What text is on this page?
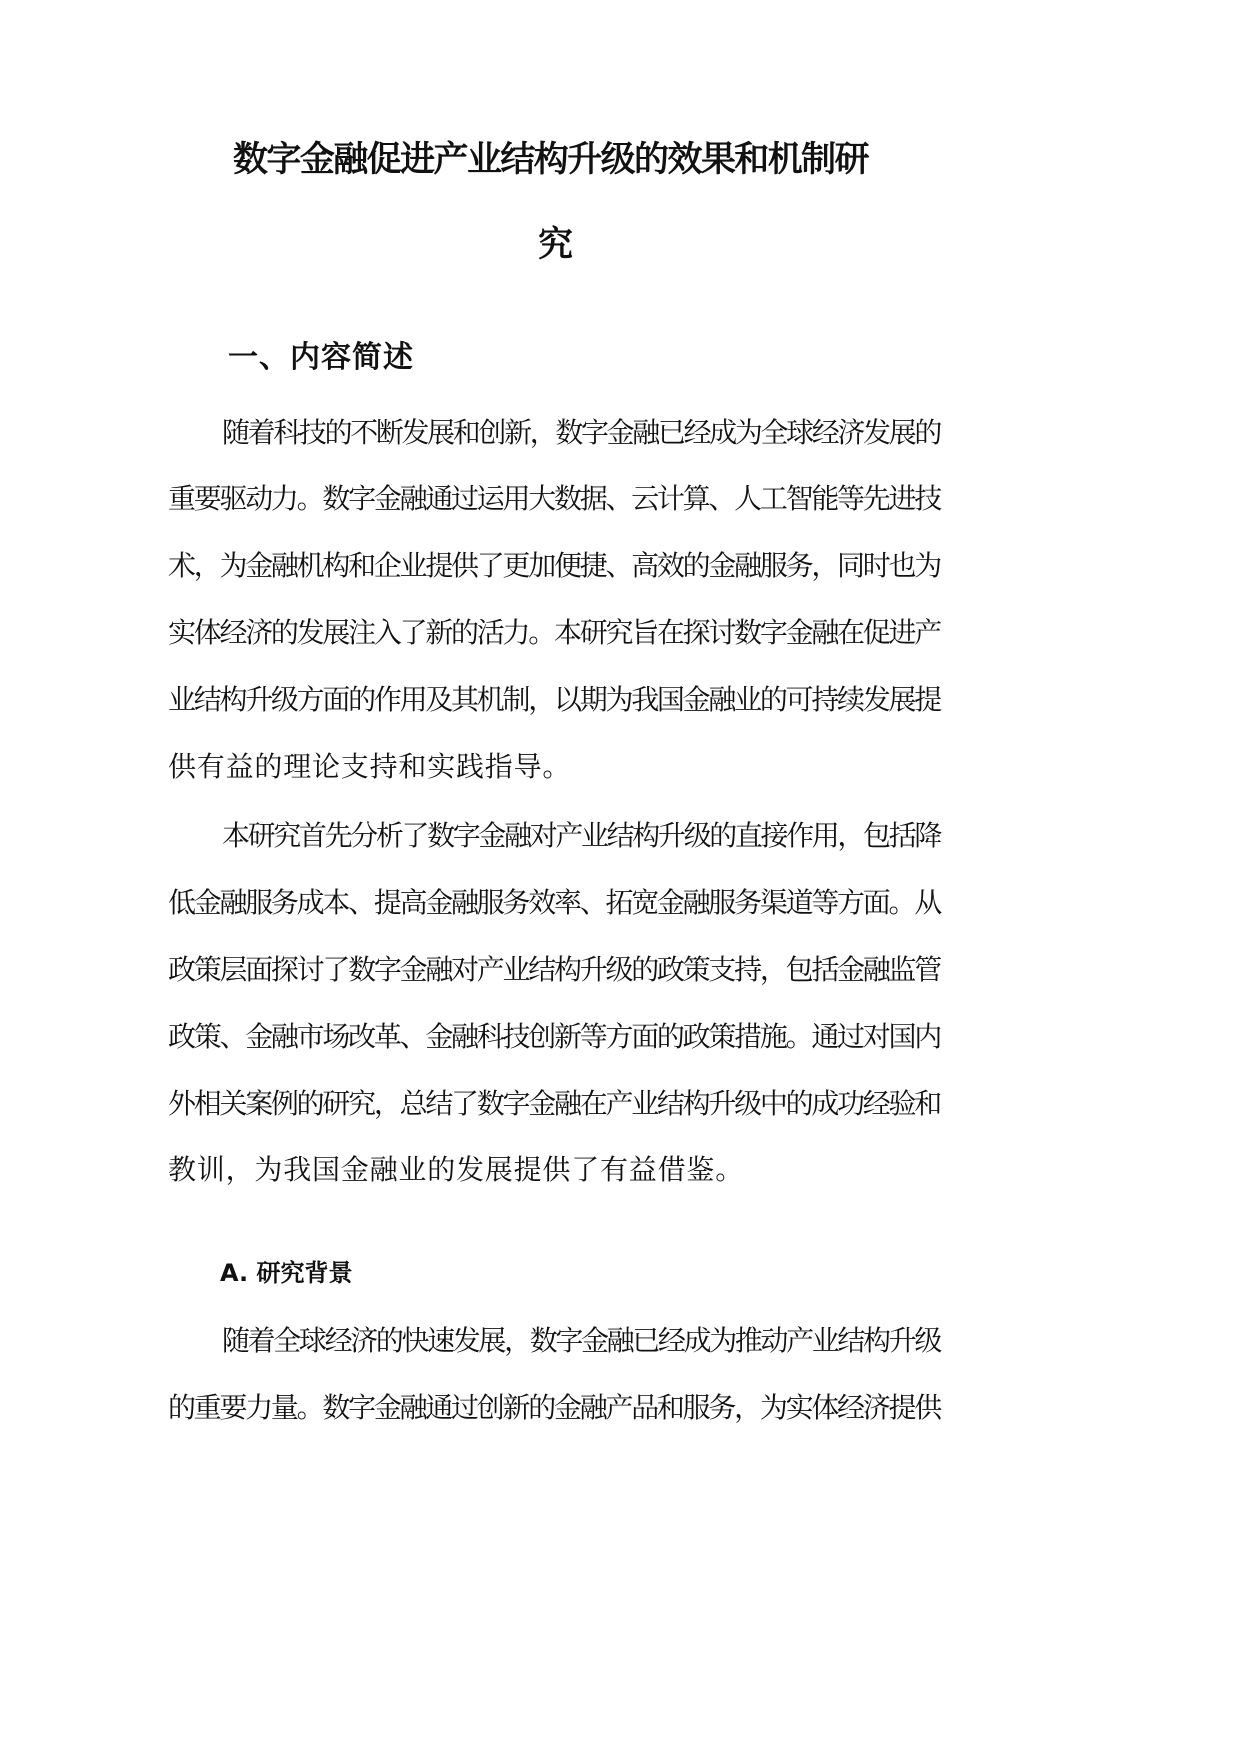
数字金融促进产业结构升级的效果和机制研
究
一、内容简述
随着科技的不断发展和创新，数字金融已经成为全球经济发展的
重要驱动力。数字金融通过运用大数据、云计算、人工智能等先进技
术，为金融机构和企业提供了更加便捷、高效的金融服务，同时也为
实体经济的发展注入了新的活力。本研究旨在探讨数字金融在促进产
业结构升级方面的作用及其机制，以期为我国金融业的可持续发展提
供有益的理论支持和实践指导。
本研究首先分析了数字金融对产业结构升级的直接作用，包括降
低金融服务成本、提高金融服务效率、拓宽金融服务渠道等方面。从
政策层面探讨了数字金融对产业结构升级的政策支持，包括金融监管
政策、金融市场改革、金融科技创新等方面的政策措施。通过对国内
外相关案例的研究，总结了数字金融在产业结构升级中的成功经验和
教训，为我国金融业的发展提供了有益借鉴。
A. 研究背景
随着全球经济的快速发展，数字金融已经成为推动产业结构升级
的重要力量。数字金融通过创新的金融产品和服务，为实体经济提供
